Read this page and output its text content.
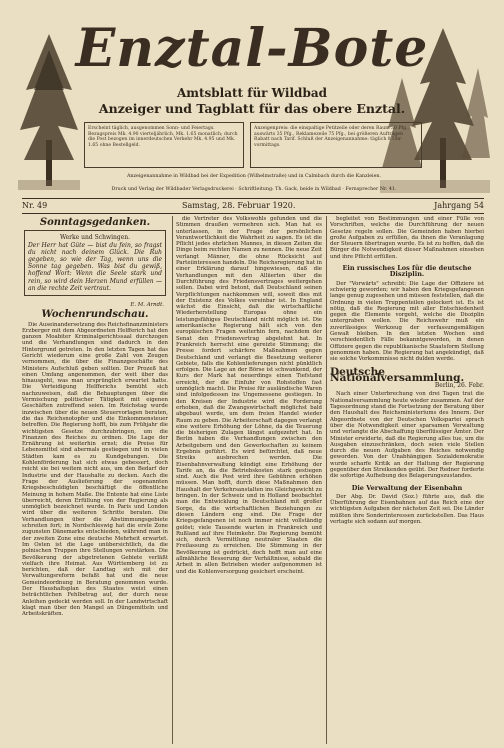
Enztal-Bote
Amtsblatt für Wildbad
Anzeiger und Tagblatt für das obere Enztal.
Erscheint täglich, ausgenommen Sonn- und Feiertags. Bezugspreis Mk. 4.90 vierteljährlich, Mk. 1.65 monatlich; durch die Post bezogen im innerdeutschen Verkehr Mk. 4.95 und Mk. 1.65 ohne Bestellgeld.
Anzeigenpreis: die einspaltige Petitzeile oder deren Raum 30 Pfg., auswärts 35 Pfg., Reklamezeile 75 Pfg., bei größeren Aufträgen Rabatt nach Tarif. Schluß der Anzeigenannahme: täglich 8 Uhr vormittags.
Anzeigenannahme in Wildbad bei der Expedition (Wilhelmstraße) und in Calmbach durch die Kanzleien.
Druck und Verlag der Wildbader Verlagsdruckerei · Schriftleitung: Th. Gack, beide in Wildbad · Fernsprecher Nr. 41.
Nr. 49	Samstag, 28. Februar 1920.	Jahrgang 54
Sonntagsgedanken.
Werke und Schwingen.
Der Herr hat Güte — bist du fein, so fragst du nicht nach deinem Glück. Die Ruh gegeben, so wie der Tag, wenn uns die Sonne tag gegeben. Was bist du gewiß, hoffend Wort: Wenn die Seele stark und rein, so wird dein Herzen Mund erfüllen — an die rechte Zeit vertraut.
E. M. Arndt.
Wochenrundschau.

Die Auseinandersetzung des Reichsfinanzministers Erzberger mit dem Abgeordneten Helfferich hat den ganzen Moabiter Kriminalgerichtssaal durchzogen und die Verhandlungen sind dadurch in den Hintergrund getreten. In den letzten Tagen hat das Gericht wiederum eine große Zahl von Zeugen vernommen, die über die Finanzgeschäfte des Ministers Aufschluß geben sollten. Der Prozeß hat einen Umfang angenommen, der weit über das hinausgeht, was man ursprünglich erwartet hatte. Die Verteidigung Helfferichs bemüht sich nachzuweisen, daß die Behauptungen über die Vermischung politischer Tätigkeit mit eigenen Geschäften zutreffend seien. Im Reichstag wurde inzwischen über die neuen Steuervorlagen beraten, die das Reichsnotopfer und die Einkommensteuer betreffen. Die Regierung hofft, bis zum Frühjahr die wichtigsten Gesetze durchzubringen, um die Finanzen des Reiches zu ordnen. Die Lage der Ernährung ist weiterhin ernst; die Preise für Lebensmittel sind abermals gestiegen und in vielen Städten kam es zu Kundgebungen. Die Kohlenförderung hat sich etwas gebessert, doch reicht sie bei weitem nicht aus, um den Bedarf der Industrie und der Haushalte zu decken. Auch die Frage der Auslieferung der sogenannten Kriegsbeschuldigten beschäftigt die öffentliche Meinung in hohem Maße. Die Entente hat eine Liste überreicht, deren Erfüllung von der Regierung als unmöglich bezeichnet wurde. In Paris und London wird über die weiteren Schritte beraten. Die Verhandlungen über die Abstimmungsgebiete schreiten fort; in Nordschleswig hat die erste Zone zugunsten Dänemarks entschieden, während man in der zweiten Zone eine deutsche Mehrheit erwartet. Im Osten ist die Lage unübersichtlich, da die polnischen Truppen ihre Stellungen verstärken. Die Bevölkerung der abgetretenen Gebiete verläßt vielfach ihre Heimat. Aus Württemberg ist zu berichten, daß der Landtag sich mit der Verwaltungsreform befaßt hat und die neue Gemeindeordnung in Beratung genommen wurde. Der Haushaltsplan des Staates weist einen beträchtlichen Fehlbetrag auf, der durch neue Anleihen gedeckt werden soll. In der Landwirtschaft klagt man über den Mangel an Düngemitteln und Arbeitskräften.

die Vertreter des Volkswohls gefunden und die Stimmen draußen vermehren sich. Man hat es unterlassen, in der Frage der persönlichen Verantwortlichkeit die Wahrheit zu sagen. Es ist die Pflicht jedes ehrlichen Mannes, in diesen Zeiten die Dinge beim rechten Namen zu nennen. Die neue Zeit verlangt Männer, die ohne Rücksicht auf Parteiinteressen handeln. Die Reichsregierung hat in einer Erklärung darauf hingewiesen, daß die Verhandlungen mit den Alliierten über die Durchführung des Friedensvertrages weitergehen sollen. Dabei wird betont, daß Deutschland seinen Verpflichtungen nachkommen will, soweit dies mit der Existenz des Volkes vereinbar ist. In England wächst die Einsicht, daß die wirtschaftliche Wiederherstellung Europas ohne ein leistungsfähiges Deutschland nicht möglich ist. Die amerikanische Regierung hält sich von den europäischen Fragen weiterhin fern, nachdem der Senat den Friedensvertrag abgelehnt hat. In Frankreich herrscht eine gereizte Stimmung; die Presse fordert schärfere Maßnahmen gegen Deutschland und verlangt die Besetzung weiterer Gebiete, falls die Kohlenlieferungen nicht pünktlich erfolgen. Die Lage an der Börse ist schwankend, der Kurs der Mark hat neuerdings einen Tiefstand erreicht, der die Einfuhr von Rohstoffen fast unmöglich macht. Die Preise für ausländische Waren sind infolgedessen ins Ungemessene gestiegen. In den Kreisen der Industrie wird die Forderung erhoben, daß die Zwangswirtschaft möglichst bald abgebaut werde, um dem freien Handel wieder Raum zu geben. Die Arbeiterschaft dagegen verlangt eine weitere Erhöhung der Löhne, da die Teuerung die bisherigen Zulagen längst aufgezehrt hat. In Berlin haben die Verhandlungen zwischen den Arbeitgebern und den Gewerkschaften zu keinem Ergebnis geführt. Es wird befürchtet, daß neue Streiks ausbrechen werden. Die Eisenbahnverwaltung kündigt eine Erhöhung der Tarife an, da die Betriebskosten stark gestiegen sind. Auch die Post wird ihre Gebühren erhöhen müssen. Man hofft, durch diese Maßnahmen den Haushalt der Verkehrsanstalten ins Gleichgewicht zu bringen. In der Schweiz und in Holland beobachtet man die Entwicklung in Deutschland mit großer Sorge, da die wirtschaftlichen Beziehungen zu diesen Ländern eng sind. Die Frage der Kriegsgefangenen ist noch immer nicht vollständig gelöst; viele Tausende warten in Frankreich und Rußland auf ihre Heimkehr. Die Regierung bemüht sich, durch Vermittlung neutraler Staaten die Freilassung zu erreichen. Die Stimmung in der Bevölkerung ist gedrückt, doch hofft man auf eine allmähliche Besserung der Verhältnisse, sobald die Arbeit in allen Betrieben wieder aufgenommen ist und die Kohlenversorgung gesichert erscheint.

begleitet von Bestimmungen und einer Fülle von Vorschriften, welche die Durchführung der neuen Gesetze regeln sollen. Die Gemeinden haben hierbei große Aufgaben zu erfüllen, da ihnen die Veranlagung der Steuern übertragen wurde. Es ist zu hoffen, daß die Bürger die Notwendigkeit dieser Maßnahmen einsehen und ihre Pflicht erfüllen.

Ein russisches Los für die deutsche Disziplin.

Der "Vorwärts" schreibt: Die Lage der Offiziere ist schwierig geworden; wir haben den Kriegsgefangenen lange genug zugesehen und müssen feststellen, daß die Ordnung in vielen Truppenteilen gelockert ist. Es ist nötig, daß die Regierung mit aller Entschiedenheit gegen die Elemente vorgeht, welche die Disziplin untergraben wollen. Die Reichswehr muß ein zuverlässiges Werkzeug der verfassungsmäßigen Gewalt bleiben. In den letzten Wochen sind verschiedentlich Fälle bekanntgeworden, in denen Offiziere gegen die republikanische Staatsform Stellung genommen haben. Die Regierung hat angekündigt, daß sie solche Vorkommnisse nicht dulden werde.

Deutsche Nationalversammlung.
Berlin, 26. Febr.

Nach einer Unterbrechung von drei Tagen trat die Nationalversammlung heute wieder zusammen. Auf der Tagesordnung stand die Fortsetzung der Beratung über den Haushalt des Reichsministeriums des Innern. Der Abgeordnete von der Deutschen Volkspartei sprach über die Notwendigkeit einer sparsamen Verwaltung und verlangte die Abschaffung überflüssiger Ämter. Der Minister erwiderte, daß die Regierung alles tue, um die Ausgaben einzuschränken, doch seien viele Stellen durch die neuen Aufgaben des Reiches notwendig geworden. Von der Unabhängigen Sozialdemokratie wurde scharfe Kritik an der Haltung der Regierung gegenüber den Streikenden geübt. Der Redner forderte die sofortige Aufhebung des Belagerungszustandes.

Die Verwaltung der Eisenbahn

Der Abg. Dr. David (Soz.) führte aus, daß die Überführung der Eisenbahnen auf das Reich eine der wichtigsten Aufgaben der nächsten Zeit sei. Die Länder müßten ihre Sonderinteressen zurückstellen. Das Haus vertagte sich sodann auf morgen.
